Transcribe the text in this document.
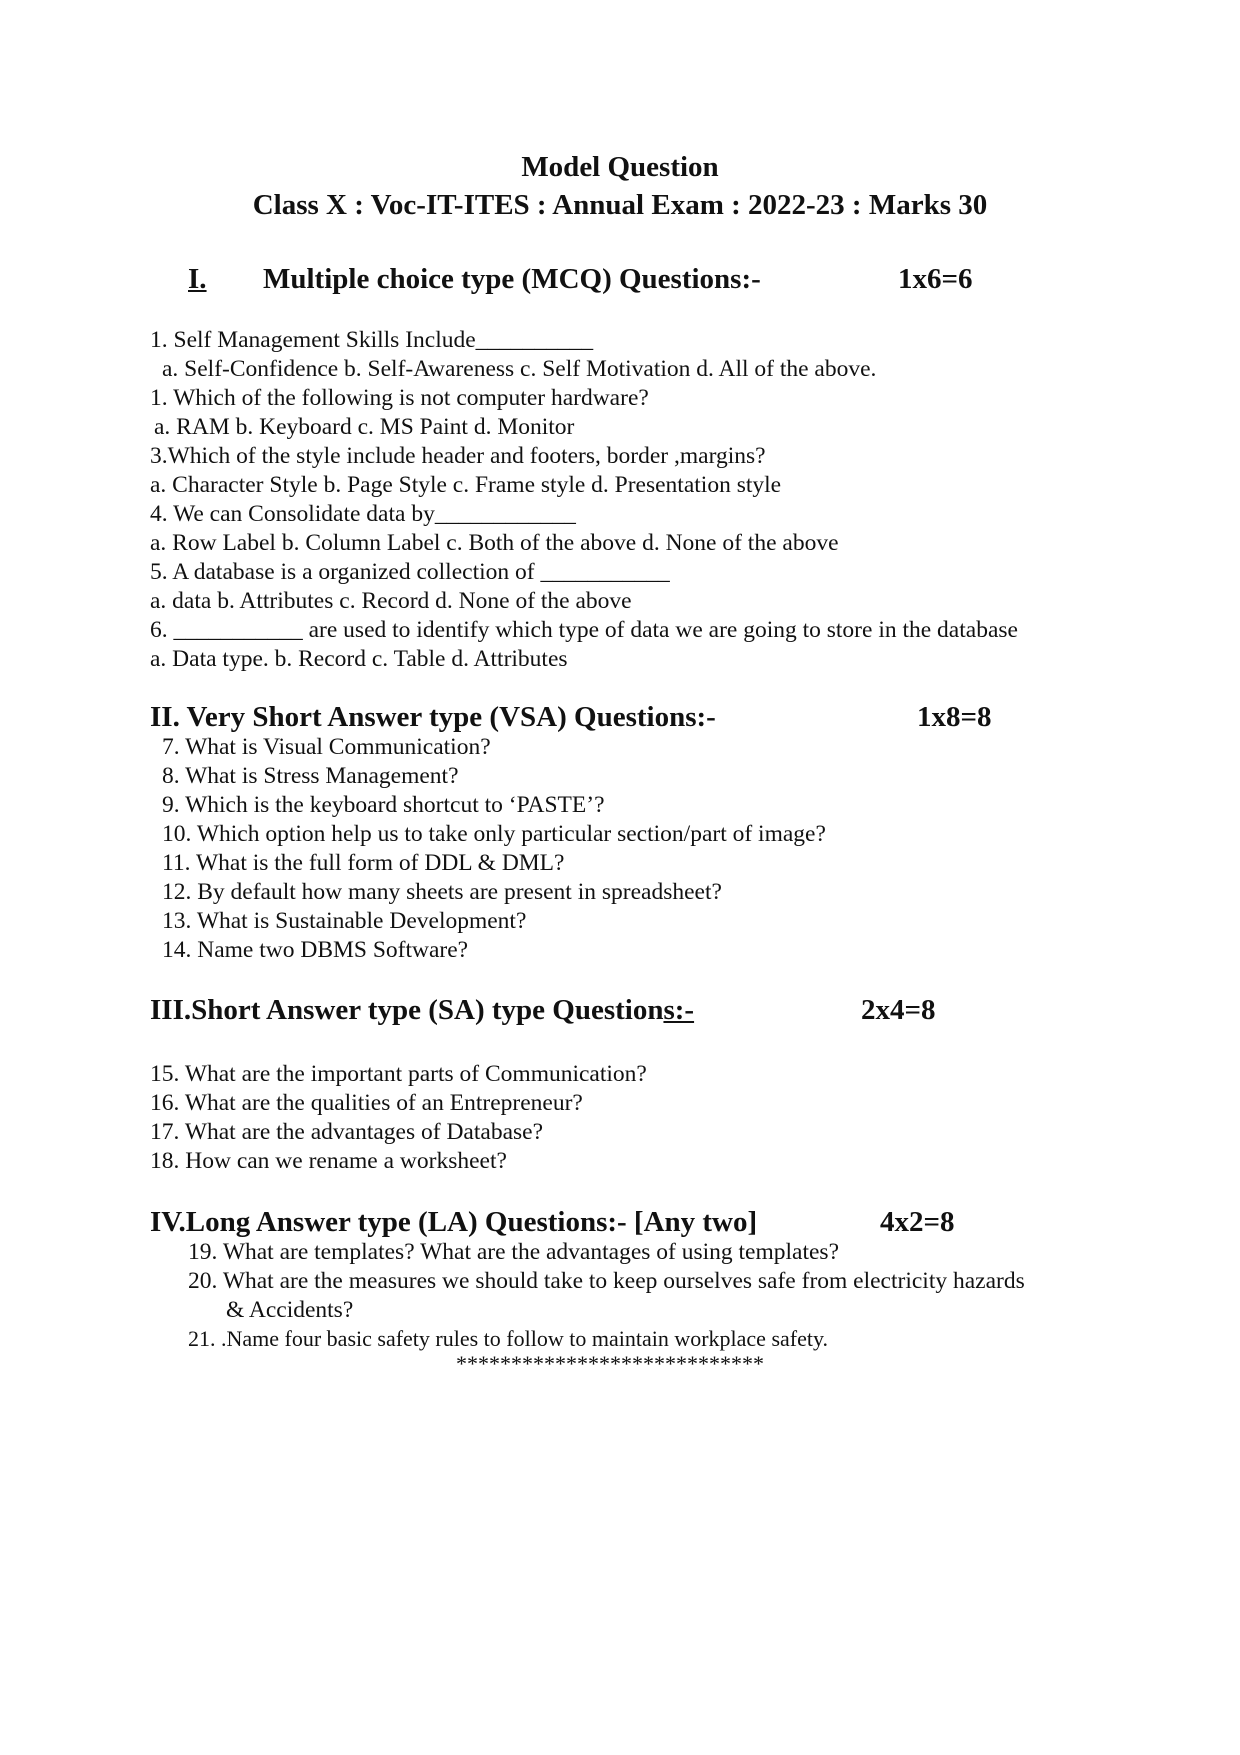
Model Question
Class X : Voc-IT-ITES : Annual Exam : 2022-23 : Marks 30
I. Multiple choice type (MCQ) Questions:-	1x6=6
1. Self Management Skills Include__________
a. Self-Confidence b. Self-Awareness c. Self Motivation d. All of the above.
1. Which of the following is not computer hardware?
a. RAM b. Keyboard c. MS Paint d. Monitor
3.Which of the style include header and footers, border ,margins?
a. Character Style b. Page Style c. Frame style d. Presentation style
4. We can Consolidate data by____________
a. Row Label b. Column Label c. Both of the above d. None of the above
5. A database is a organized collection of ___________
a. data b. Attributes c. Record d. None of the above
6. ___________ are used to identify which type of data we are going to store in the database
a. Data type. b. Record c. Table d. Attributes
II. Very Short Answer type (VSA) Questions:-	1x8=8
7. What is Visual Communication?
8. What is Stress Management?
9. Which is the keyboard shortcut to ‘PASTE’?
10. Which option help us to take only particular section/part of image?
11. What is the full form of DDL & DML?
12. By default how many sheets are present in spreadsheet?
13. What is Sustainable Development?
14. Name two DBMS Software?
III.Short Answer type (SA) type Questions:-	2x4=8
15. What are the important parts of Communication?
16. What are the qualities of an Entrepreneur?
17. What are the advantages of Database?
18. How can we rename a worksheet?
IV.Long Answer type (LA) Questions:- [Any two]	4x2=8
19. What are templates? What are the advantages of using templates?
20. What are the measures we should take to keep ourselves safe from electricity hazards
& Accidents?
21. .Name four basic safety rules to follow to maintain workplace safety.
****************************
